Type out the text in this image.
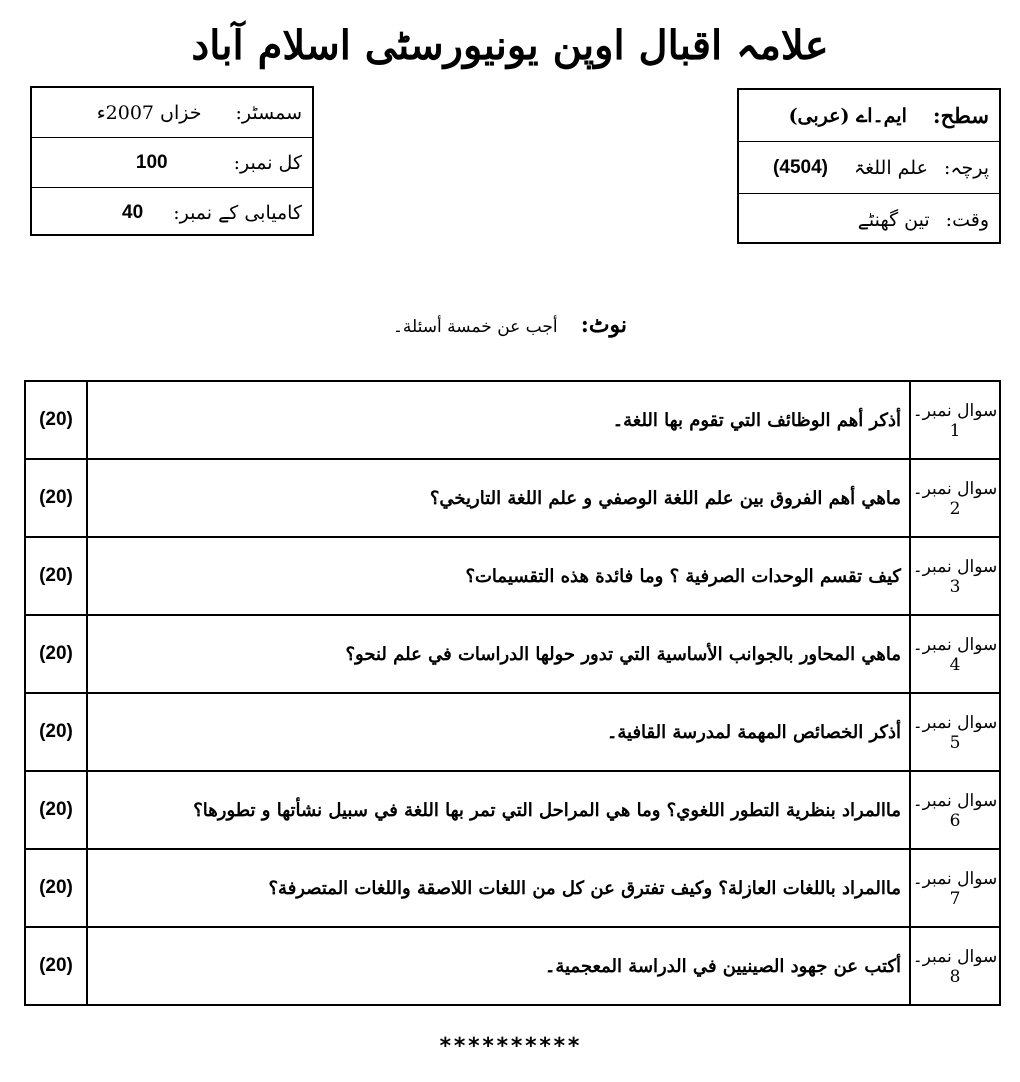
علامہ اقبال اوپن یونیورسٹی اسلام آباد
سمسٹر:
خزاں 2007ء
کل نمبر:
100
کامیابی کے نمبر:
40
سطح:
ایم۔اے (عربی)
پرچہ:
علم اللغۃ
(4504)
وقت:
تین گھنٹے
نوٹ: أجب عن خمسة أسئلة۔
(20)	أذكر أهم الوظائف التي تقوم بها اللغة۔	سوال نمبر۔1
(20)	ماهي أهم الفروق بين علم اللغة الوصفي و علم اللغة التاريخي؟	سوال نمبر۔2
(20)	كيف تقسم الوحدات الصرفية ؟ وما فائدة هذه التقسيمات؟	سوال نمبر۔3
(20)	ماهي المحاور بالجوانب الأساسية التي تدور حولها الدراسات في علم لنحو؟	سوال نمبر۔4
(20)	أذكر الخصائص المهمة لمدرسة القافية۔	سوال نمبر۔5
(20)	ماالمراد بنظرية التطور اللغوي؟ وما هي المراحل التي تمر بها اللغة في سبيل نشأتها و تطورها؟	سوال نمبر۔6
(20)	ماالمراد باللغات العازلة؟ وكيف تفترق عن كل من اللغات اللاصقة واللغات المتصرفة؟	سوال نمبر۔7
(20)	أكتب عن جهود الصينيين في الدراسة المعجمية۔	سوال نمبر۔8
**********
